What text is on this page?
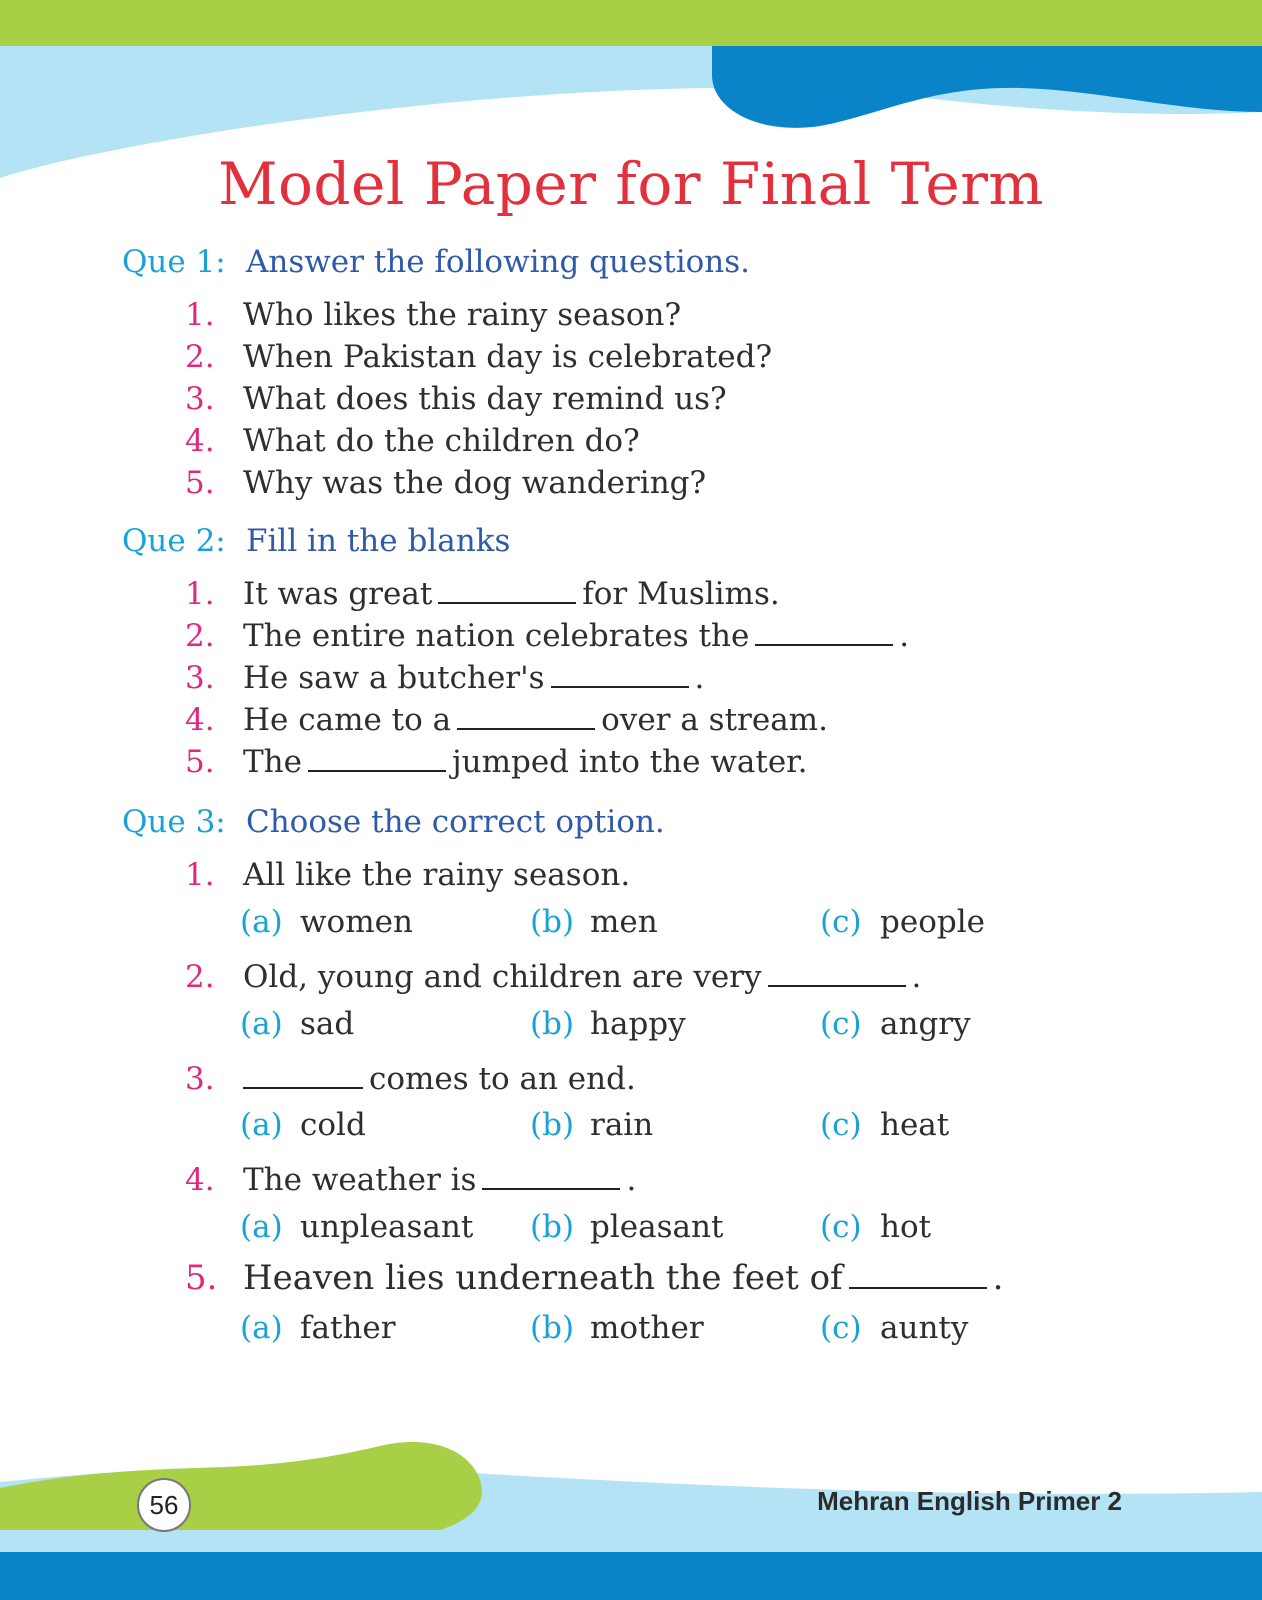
Model Paper for Final Term
Que 1: Answer the following questions.
1. Who likes the rainy season?
2. When Pakistan day is celebrated?
3. What does this day remind us?
4. What do the children do?
5. Why was the dog wandering?
Que 2: Fill in the blanks
1. It was great	for Muslims.
2. The entire nation celebrates the	.
3. He saw a butcher's	.
4. He came to a	over a stream.
5. The	jumped into the water.
Que 3: Choose the correct option.
1. All like the rainy season.
(a) women	(b) men	(c) people
2. Old, young and children are very	.
(a) sad	(b) happy	(c) angry
3.	comes to an end.
(a) cold	(b) rain	(c) heat
4. The weather is	.
(a) unpleasant (b) pleasant	(c) hot
5. Heaven lies underneath the feet of	.
(a) father	(b) mother	(c) aunty
56	Mehran English Primer 2
